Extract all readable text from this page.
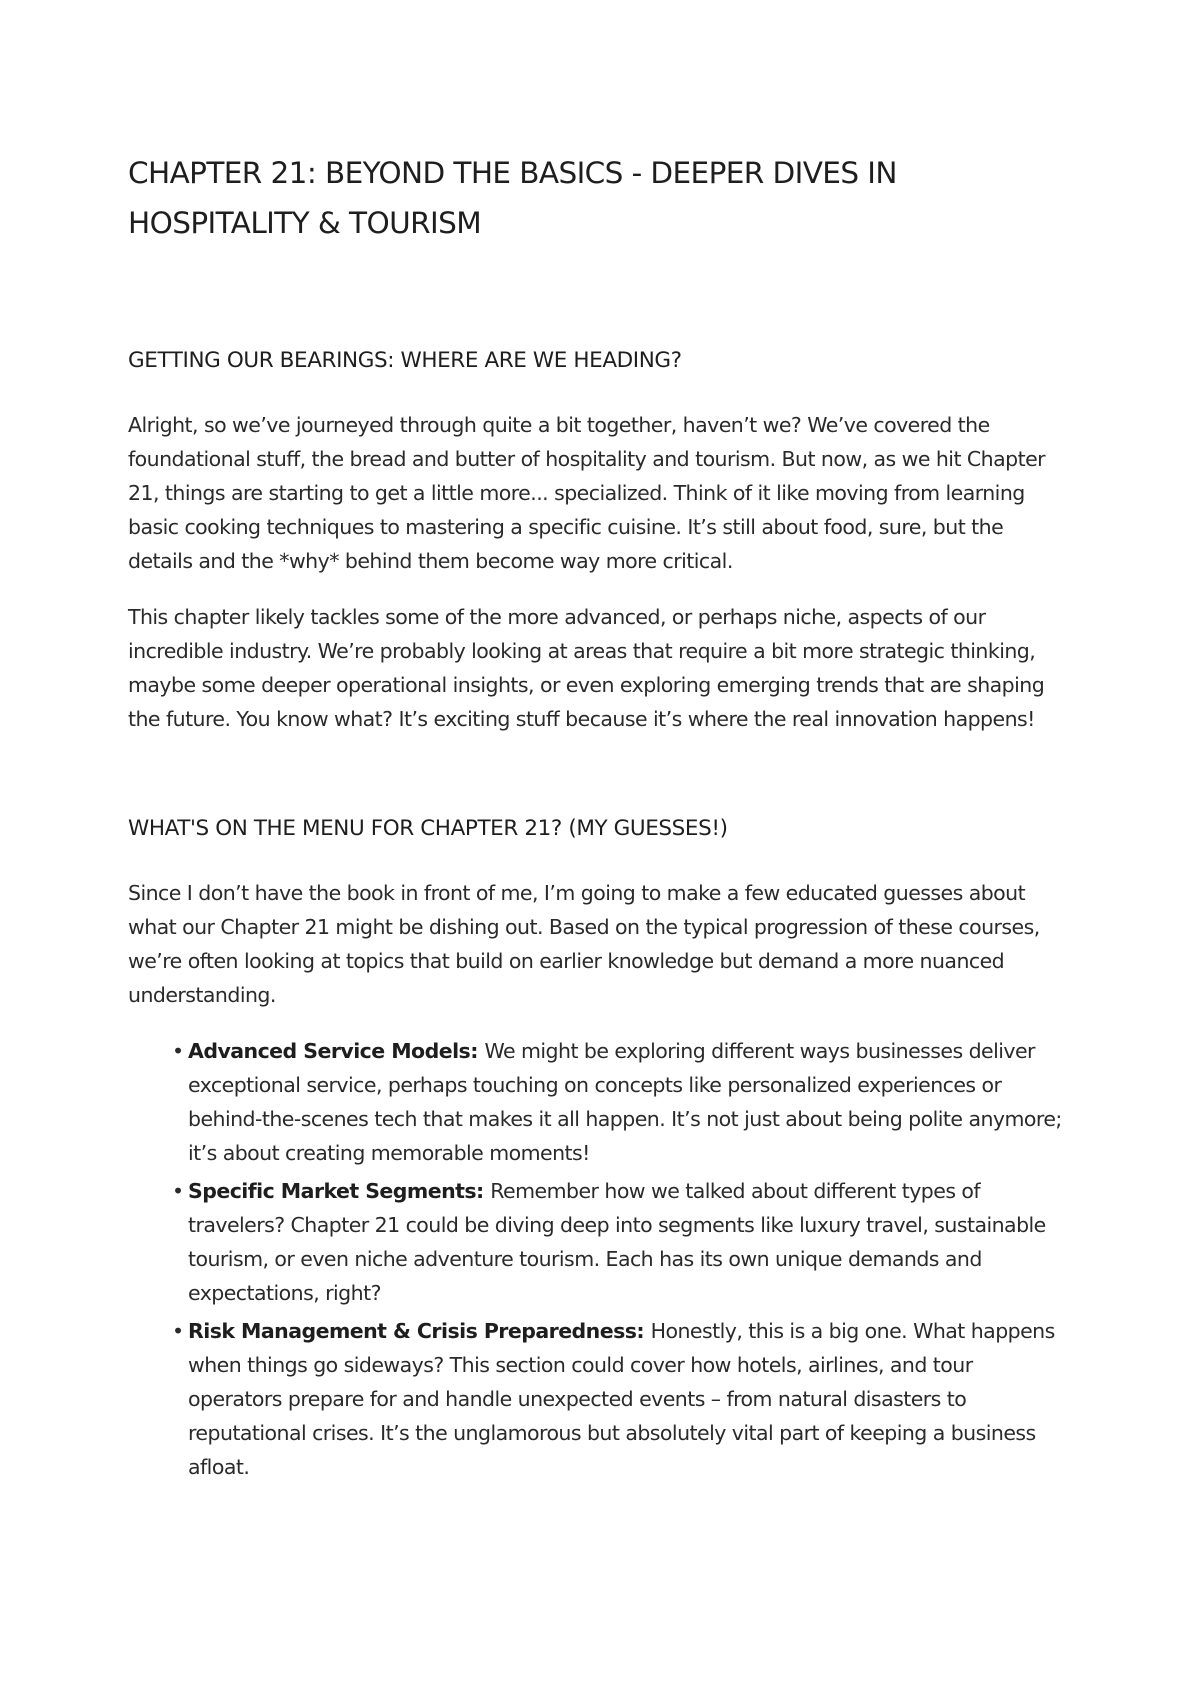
CHAPTER 21: BEYOND THE BASICS - DEEPER DIVES IN HOSPITALITY & TOURISM
GETTING OUR BEARINGS: WHERE ARE WE HEADING?

Alright, so we’ve journeyed through quite a bit together, haven’t we? We’ve covered the foundational stuff, the bread and butter of hospitality and tourism. But now, as we hit Chapter 21, things are starting to get a little more... specialized. Think of it like moving from learning basic cooking techniques to mastering a specific cuisine. It’s still about food, sure, but the details and the *why* behind them become way more critical.

This chapter likely tackles some of the more advanced, or perhaps niche, aspects of our incredible industry. We’re probably looking at areas that require a bit more strategic thinking, maybe some deeper operational insights, or even exploring emerging trends that are shaping the future. You know what? It’s exciting stuff because it’s where the real innovation happens!

WHAT'S ON THE MENU FOR CHAPTER 21? (MY GUESSES!)

Since I don’t have the book in front of me, I’m going to make a few educated guesses about what our Chapter 21 might be dishing out. Based on the typical progression of these courses, we’re often looking at topics that build on earlier knowledge but demand a more nuanced understanding.

• Advanced Service Models: We might be exploring different ways businesses deliver exceptional service, perhaps touching on concepts like personalized experiences or behind-the-scenes tech that makes it all happen. It’s not just about being polite anymore; it’s about creating memorable moments!
• Specific Market Segments: Remember how we talked about different types of travelers? Chapter 21 could be diving deep into segments like luxury travel, sustainable tourism, or even niche adventure tourism. Each has its own unique demands and expectations, right?
• Risk Management & Crisis Preparedness: Honestly, this is a big one. What happens when things go sideways? This section could cover how hotels, airlines, and tour operators prepare for and handle unexpected events – from natural disasters to reputational crises. It’s the unglamorous but absolutely vital part of keeping a business afloat.
